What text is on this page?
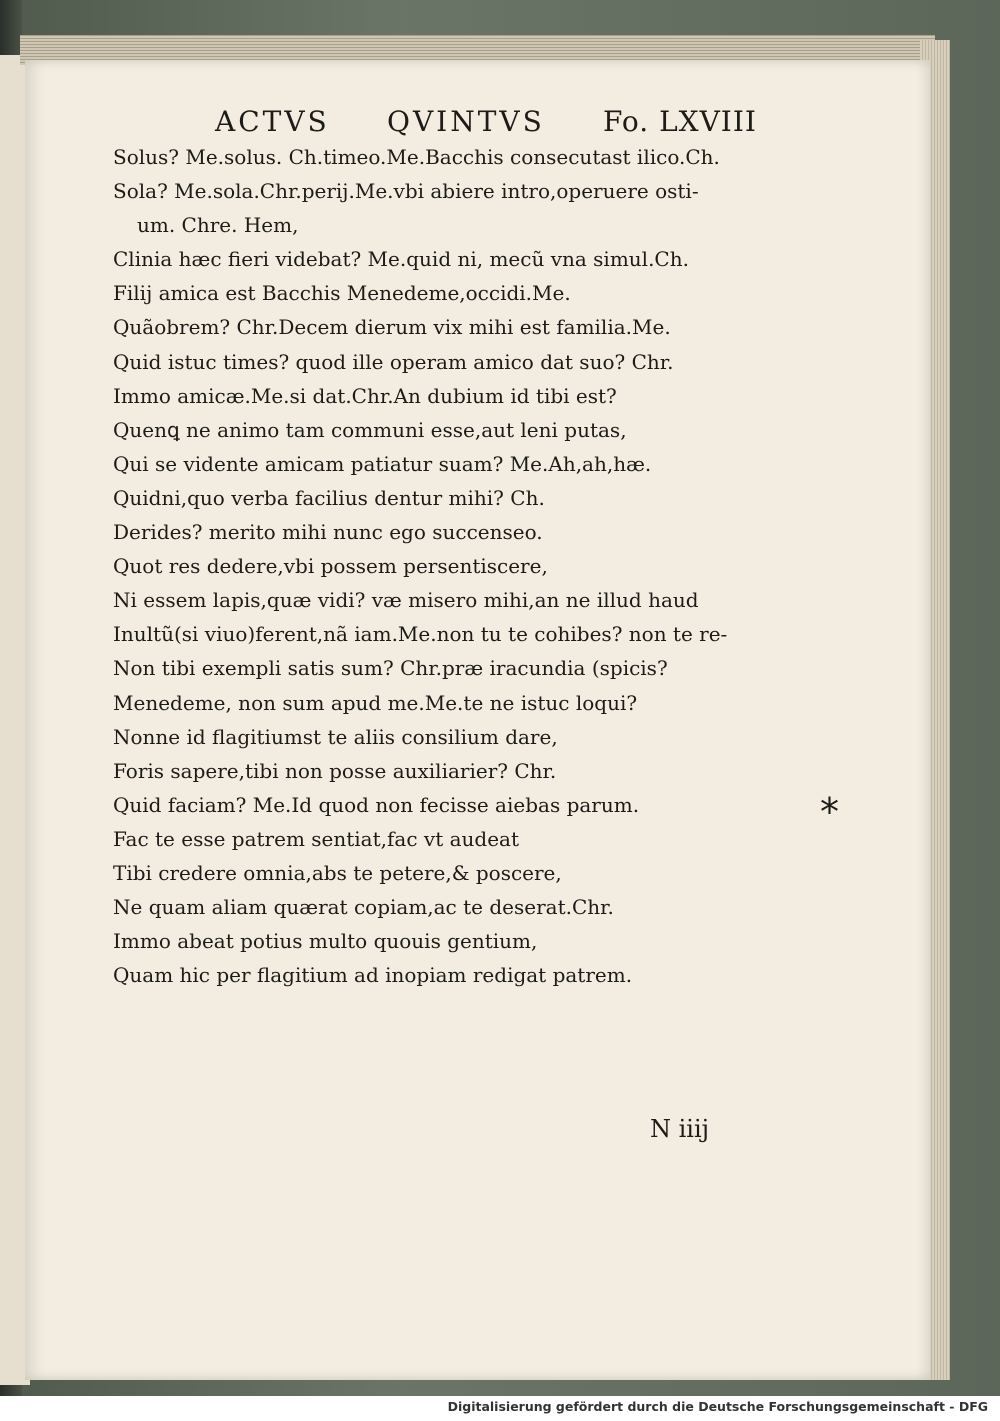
ACTVS QVINTVS Fo. LXVIII
Solus? Me.solus. Ch.timeo.Me.Bacchis consecutast ilico.Ch.
Sola? Me.sola.Chr.perij.Me.vbi abiere intro,operuere osti-
um. Chre. Hem,
Clinia hæc fieri videbat? Me.quid ni, mecũ vna simul.Ch.
Filij amica est Bacchis Menedeme,occidi.Me.
Quãobrem? Chr.Decem dierum vix mihi est familia.Me.
Quid istuc times? quod ille operam amico dat suo? Chr.
Immo amicæ.Me.si dat.Chr.An dubium id tibi est?
Quenꝗ ne animo tam communi esse,aut leni putas,
Qui se vidente amicam patiatur suam? Me.Ah,ah,hæ.
Quidni,quo verba facilius dentur mihi? Ch.
Derides? merito mihi nunc ego succenseo.
Quot res dedere,vbi possem persentiscere,
Ni essem lapis,quæ vidi? væ misero mihi,an ne illud haud
Inultũ(si viuo)ferent,nã iam.Me.non tu te cohibes? non te re-
Non tibi exempli satis sum? Chr.præ iracundia (spicis?
Menedeme, non sum apud me.Me.te ne istuc loqui?
Nonne id flagitiumst te aliis consilium dare,
Foris sapere,tibi non posse auxiliarier? Chr.
Quid faciam? Me.Id quod non fecisse aiebas parum.
Fac te esse patrem sentiat,fac vt audeat
Tibi credere omnia,abs te petere,& poscere,
Ne quam aliam quærat copiam,ac te deserat.Chr.
Immo abeat potius multo quouis gentium,
Quam hic per flagitium ad inopiam redigat patrem.
*
N iiij
Digitalisierung gefördert durch die Deutsche Forschungsgemeinschaft - DFG
